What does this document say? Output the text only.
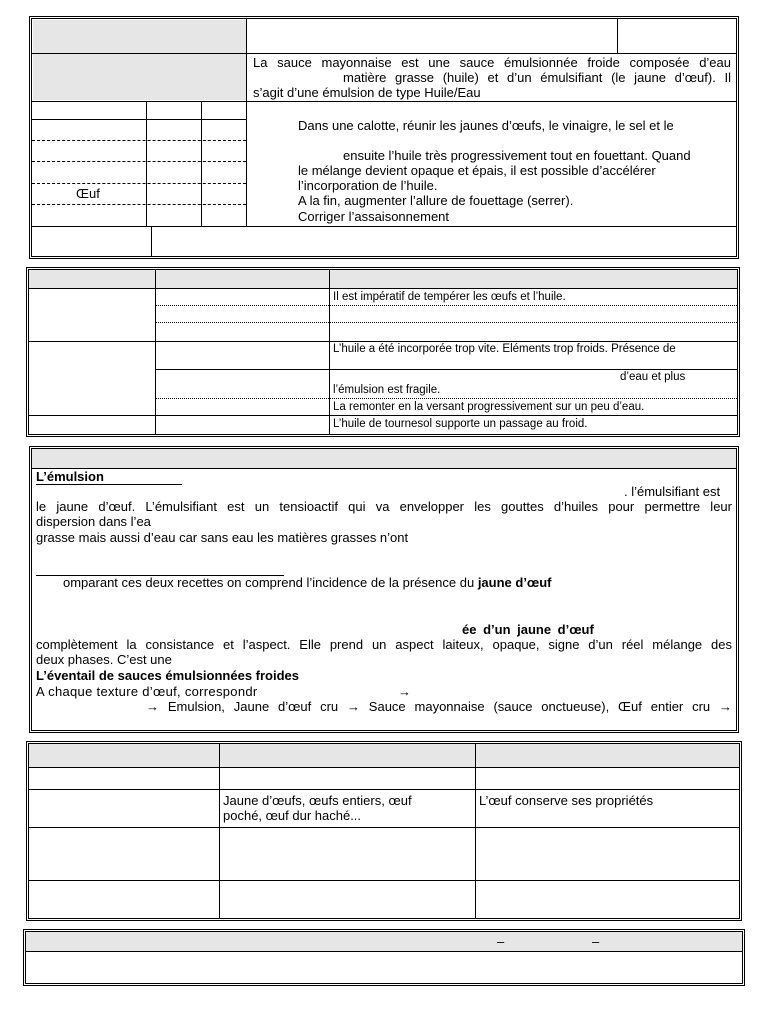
La sauce mayonnaise est une sauce émulsionnée froide composée d’eau
matière grasse (huile) et d’un émulsifiant (le jaune d’œuf). Il
s’agit d’une émulsion de type Huile/Eau
Œuf
Dans une calotte, réunir les jaunes d’œufs, le vinaigre, le sel et le
ensuite l’huile très progressivement tout en fouettant. Quand
le mélange devient opaque et épais, il est possible d’accélérer
l’incorporation de l’huile.
A la fin, augmenter l’allure de fouettage (serrer).
Corriger l’assaisonnement
Il est impératif de tempérer les œufs et l’huile.
L’huile a été incorporée trop vite. Eléments trop froids. Présence de
d’eau et plus
l’émulsion est fragile.
La remonter en la versant progressivement sur un peu d’eau.
L’huile de tournesol supporte un passage au froid.
L’émulsion
. l’émulsifiant est
le jaune d’œuf. L’émulsifiant est un tensioactif qui va envelopper les gouttes d’huiles pour permettre leur
dispersion dans l’ea
grasse mais aussi d’eau car sans eau les matières grasses n’ont
omparant ces deux recettes on comprend l’incidence de la présence du jaune d’œuf
ée d’un jaune d’œuf
complètement la consistance et l’aspect. Elle prend un aspect laiteux, opaque, signe d’un réel mélange des
deux phases. C’est une
L’éventail de sauces émulsionnées froides
A chaque texture d’œuf, correspondr	→
→ Emulsion, Jaune d’œuf cru → Sauce mayonnaise (sauce onctueuse), Œuf entier cru →
Jaune d’œufs, œufs entiers, œuf
poché, œuf dur haché...
L’œuf conserve ses propriétés
–	–
